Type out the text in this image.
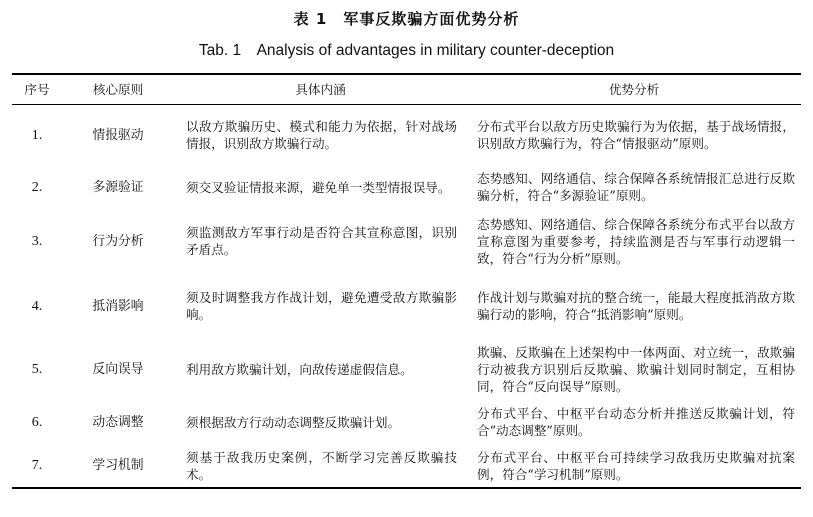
表 1　军事反欺骗方面优势分析
Tab. 1　Analysis of advantages in military counter-deception
序号	核心原则	具体内涵	优势分析
1.	情报驱动	以敌方欺骗历史、模式和能力为依据，针对战场情报，识别敌方欺骗行动。	分布式平台以敌方历史欺骗行为为依据，基于战场情报，识别敌方欺骗行为，符合“情报驱动”原则。
2.	多源验证	须交叉验证情报来源，避免单一类型情报误导。	态势感知、网络通信、综合保障各系统情报汇总进行反欺骗分析，符合“多源验证”原则。
3.	行为分析	须监测敌方军事行动是否符合其宣称意图，识别矛盾点。	态势感知、网络通信、综合保障各系统分布式平台以敌方宣称意图为重要参考，持续监测是否与军事行动逻辑一致，符合“行为分析”原则。
4.	抵消影响	须及时调整我方作战计划，避免遭受敌方欺骗影响。	作战计划与欺骗对抗的整合统一，能最大程度抵消敌方欺骗行动的影响，符合“抵消影响”原则。
5.	反向误导	利用敌方欺骗计划，向敌传递虚假信息。	欺骗、反欺骗在上述架构中一体两面、对立统一，敌欺骗行动被我方识别后反欺骗、欺骗计划同时制定，互相协同，符合“反向误导”原则。
6.	动态调整	须根据敌方行动动态调整反欺骗计划。	分布式平台、中枢平台动态分析并推送反欺骗计划，符合“动态调整”原则。
7.	学习机制	须基于敌我历史案例，不断学习完善反欺骗技术。	分布式平台、中枢平台可持续学习敌我历史欺骗对抗案例，符合“学习机制”原则。
